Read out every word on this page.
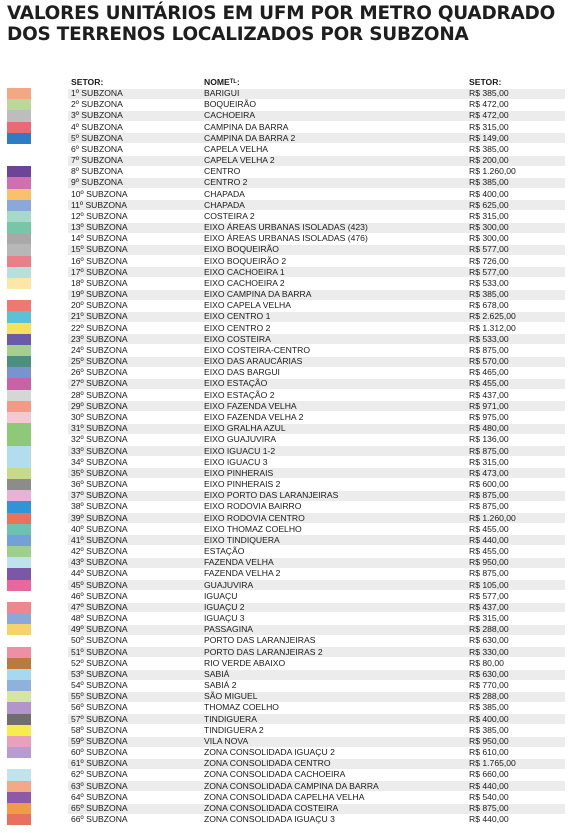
VALORES UNITÁRIOS EM UFM POR METRO QUADRADO
DOS TERRENOS LOCALIZADOS POR SUBZONA
SETOR:	NOMEᵀᴸ:	SETOR:
1º SUBZONA	BARIGUI	R$ 385,00
2º SUBZONA	BOQUEIRÃO	R$ 472,00
3º SUBZONA	CACHOEIRA	R$ 472,00
4º SUBZONA	CAMPINA DA BARRA	R$ 315,00
5º SUBZONA	CAMPINA DA BARRA 2	R$ 149,00
6º SUBZONA	CAPELA VELHA	R$ 385,00
7º SUBZONA	CAPELA VELHA 2	R$ 200,00
8º SUBZONA	CENTRO	R$ 1.260,00
9º SUBZONA	CENTRO 2	R$ 385,00
10º SUBZONA	CHAPADA	R$ 400,00
11º SUBZONA	CHAPADA	R$ 625,00
12º SUBZONA	COSTEIRA 2	R$ 315,00
13º SUBZONA	EIXO ÁREAS URBANAS ISOLADAS (423)	R$ 300,00
14º SUBZONA	EIXO ÁREAS URBANAS ISOLADAS (476)	R$ 300,00
15º SUBZONA	EIXO BOQUEIRÃO	R$ 577,00
16º SUBZONA	EIXO BOQUEIRÃO 2	R$ 726,00
17º SUBZONA	EIXO CACHOEIRA 1	R$ 577,00
18º SUBZONA	EIXO CACHOEIRA 2	R$ 533,00
19º SUBZONA	EIXO CAMPINA DA BARRA	R$ 385,00
20º SUBZONA	EIXO CAPELA VELHA	R$ 678,00
21º SUBZONA	EIXO CENTRO 1	R$ 2.625,00
22º SUBZONA	EIXO CENTRO 2	R$ 1.312,00
23º SUBZONA	EIXO COSTEIRA	R$ 533,00
24º SUBZONA	EIXO COSTEIRA-CENTRO	R$ 875,00
25º SUBZONA	EIXO DAS ARAUCÁRIAS	R$ 570,00
26º SUBZONA	EIXO DAS BARGUI	R$ 465,00
27º SUBZONA	EIXO ESTAÇÃO	R$ 455,00
28º SUBZONA	EIXO ESTAÇÃO 2	R$ 437,00
29º SUBZONA	EIXO FAZENDA VELHA	R$ 971,00
30º SUBZONA	EIXO FAZENDA VELHA 2	R$ 975,00
31º SUBZONA	EIXO GRALHA AZUL	R$ 480,00
32º SUBZONA	EIXO GUAJUVIRA	R$ 136,00
33º SUBZONA	EIXO IGUACU 1-2	R$ 875,00
34º SUBZONA	EIXO IGUACU 3	R$ 315,00
35º SUBZONA	EIXO PINHERAIS	R$ 473,00
36º SUBZONA	EIXO PINHERAIS 2	R$ 600,00
37º SUBZONA	EIXO PORTO DAS LARANJEIRAS	R$ 875,00
38º SUBZONA	EIXO RODOVIA BAIRRO	R$ 875,00
39º SUBZONA	EIXO RODOVIA CENTRO	R$ 1.260,00
40º SUBZONA	EIXO THOMAZ COELHO	R$ 455,00
41º SUBZONA	EIXO TINDIQUERA	R$ 440,00
42º SUBZONA	ESTAÇÃO	R$ 455,00
43º SUBZONA	FAZENDA VELHA	R$ 950,00
44º SUBZONA	FAZENDA VELHA 2	R$ 875,00
45º SUBZONA	GUAJUVIRA	R$ 105,00
46º SUBZONA	IGUAÇU	R$ 577,00
47º SUBZONA	IGUAÇU 2	R$ 437,00
48º SUBZONA	IGUAÇU 3	R$ 315,00
49º SUBZONA	PASSAGINA	R$ 288,00
50º SUBZONA	PORTO DAS LARANJEIRAS	R$ 630,00
51º SUBZONA	PORTO DAS LARANJEIRAS 2	R$ 330,00
52º SUBZONA	RIO VERDE ABAIXO	R$ 80,00
53º SUBZONA	SABIÁ	R$ 630,00
54º SUBZONA	SABIÁ 2	R$ 770,00
55º SUBZONA	SÃO MIGUEL	R$ 288,00
56º SUBZONA	THOMAZ COELHO	R$ 385,00
57º SUBZONA	TINDIGUERA	R$ 400,00
58º SUBZONA	TINDIGUERA 2	R$ 385,00
59º SUBZONA	VILA NOVA	R$ 950,00
60º SUBZONA	ZONA CONSOLIDADA IGUAÇU 2	R$ 610,00
61º SUBZONA	ZONA CONSOLIDADA CENTRO	R$ 1.765,00
62º SUBZONA	ZONA CONSOLIDADA CACHOEIRA	R$ 660,00
63º SUBZONA	ZONA CONSOLIDADA CAMPINA DA BARRA	R$ 440,00
64º SUBZONA	ZONA CONSOLIDADA CAPELHA VELHA	R$ 540,00
65º SUBZONA	ZONA CONSOLIDADA COSTEIRA	R$ 875,00
66º SUBZONA	ZONA CONSOLIDADA IGUAÇU 3	R$ 440,00
